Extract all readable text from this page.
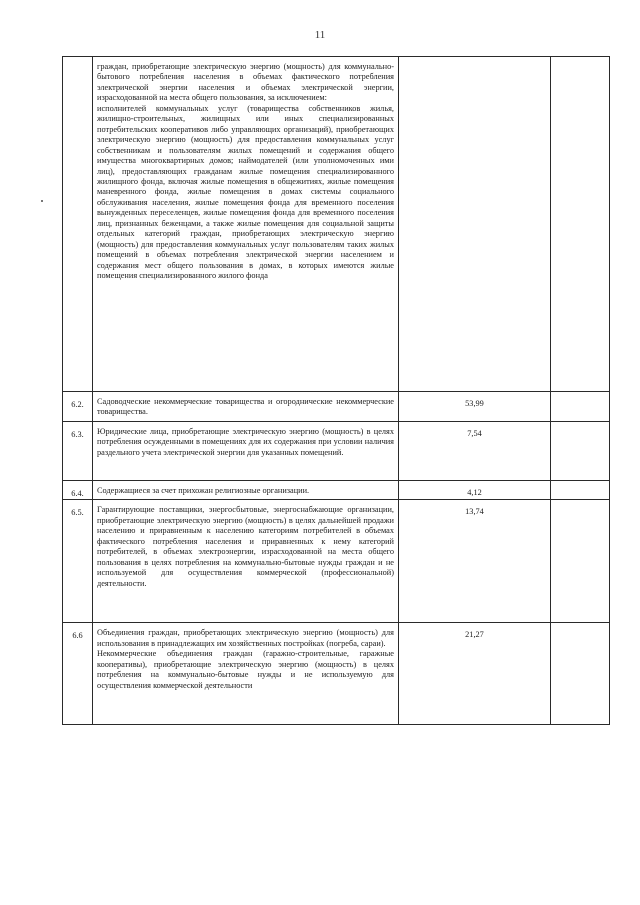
11

	граждан, приобретающие электрическую энергию (мощность) для коммунально-бытового потребления населения в объемах фактического потребления электрической энергии населения и объемах электрической энергии, израсходованной на места общего пользования, за исключением:
исполнителей коммунальных услуг (товарищества собственников жилья, жилищно-строительных, жилищных или иных специализированных потребительских кооперативов либо управляющих организаций), приобретающих электрическую энергию (мощность) для предоставления коммунальных услуг собственникам и пользователям жилых помещений и содержания общего имущества многоквартирных домов; наймодателей (или уполномоченных ими лиц), предоставляющих гражданам жилые помещения специализированного жилищного фонда, включая жилые помещения в общежитиях, жилые помещения маневренного фонда, жилые помещения в домах системы социального обслуживания населения, жилые помещения фонда для временного поселения вынужденных переселенцев, жилые помещения фонда для временного поселения лиц, признанных беженцами, а также жилые помещения для социальной защиты отдельных категорий граждан, приобретающих электрическую энергию (мощность) для предоставления коммунальных услуг пользователям таких жилых помещений в объемах потребления электрической энергии населением и содержания мест общего пользования в домах, в которых имеются жилые помещения специализированного жилого фонда		

6.2.	Садоводческие некоммерческие товарищества и огороднические некоммерческие товарищества.	53,99	
6.3.	Юридические лица, приобретающие электрическую энергию (мощность) в целях потребления осужденными в помещениях для их содержания при условии наличия раздельного учета электрической энергии для указанных помещений.	7,54	
6.4.	Содержащиеся за счет прихожан религиозные организации.	4,12	
6.5.	Гарантирующие поставщики, энергосбытовые, энергоснабжающие организации, приобретающие электрическую энергию (мощность) в целях дальнейшей продажи населению и приравненным к населению категориям потребителей в объемах фактического потребления населения и приравненных к нему категорий потребителей, в объемах электроэнергии, израсходованной на места общего пользования в целях потребления на коммунально-бытовые нужды граждан и не используемой для осуществления коммерческой (профессиональной) деятельности.	13,74	
6.6	Объединения граждан, приобретающих электрическую энергию (мощность) для использования в принадлежащих им хозяйственных постройках (погреба, сараи).
Некоммерческие объединения граждан (гаражно-строительные, гаражные кооперативы), приобретающие электрическую энергию (мощность) в целях потребления на коммунально-бытовые нужды и не используемую для осуществления коммерческой деятельности	21,27	
